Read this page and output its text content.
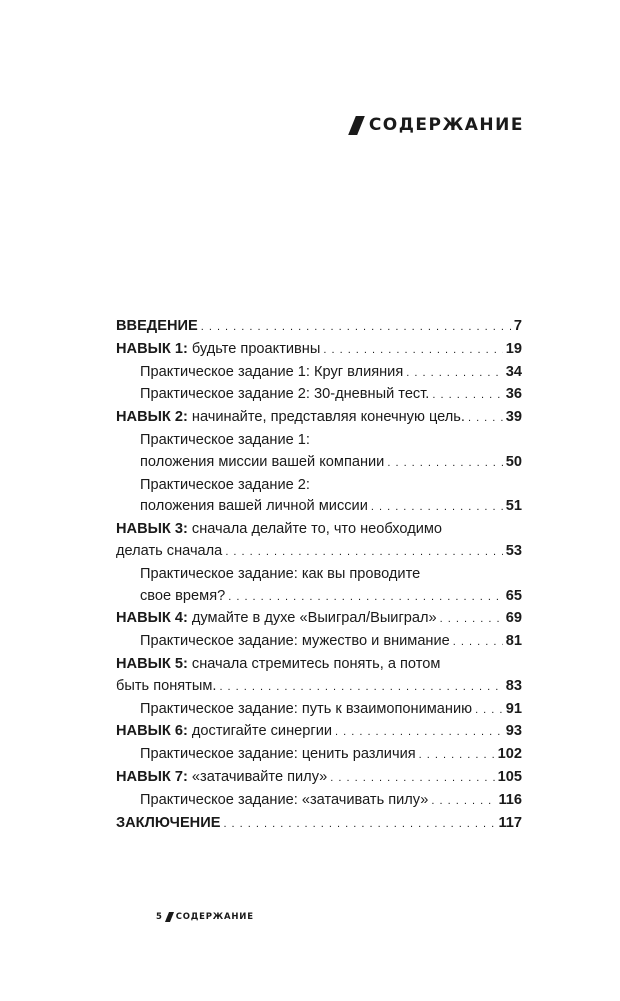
СОДЕРЖАНИЕ
ВВЕДЕНИЕ . . .	7
НАВЫК 1: будьте проактивны . . .	19
Практическое задание 1: Круг влияния . . .	34
Практическое задание 2: 30-дневный тест. . . .	36
НАВЫК 2: начинайте, представляя конечную цель. . . .	39
Практическое задание 1:
положения миссии вашей компании . . .	50
Практическое задание 2:
положения вашей личной миссии . . .	51
НАВЫК 3: сначала делайте то, что необходимо
делать сначала . . .	53
Практическое задание: как вы проводите
свое время? . . .	65
НАВЫК 4: думайте в духе «Выиграл/Выиграл» . . .	69
Практическое задание: мужество и внимание . . .	81
НАВЫК 5: сначала стремитесь понять, а потом
быть понятым. . . .	83
Практическое задание: путь к взаимопониманию . . . 91
НАВЫК 6: достигайте синергии . . .	93
Практическое задание: ценить различия . . .	102
НАВЫК 7: «затачивайте пилу» . . .	105
Практическое задание: «затачивать пилу» . . .	116
ЗАКЛЮЧЕНИЕ . . .	117
5 СОДЕРЖАНИЕ
